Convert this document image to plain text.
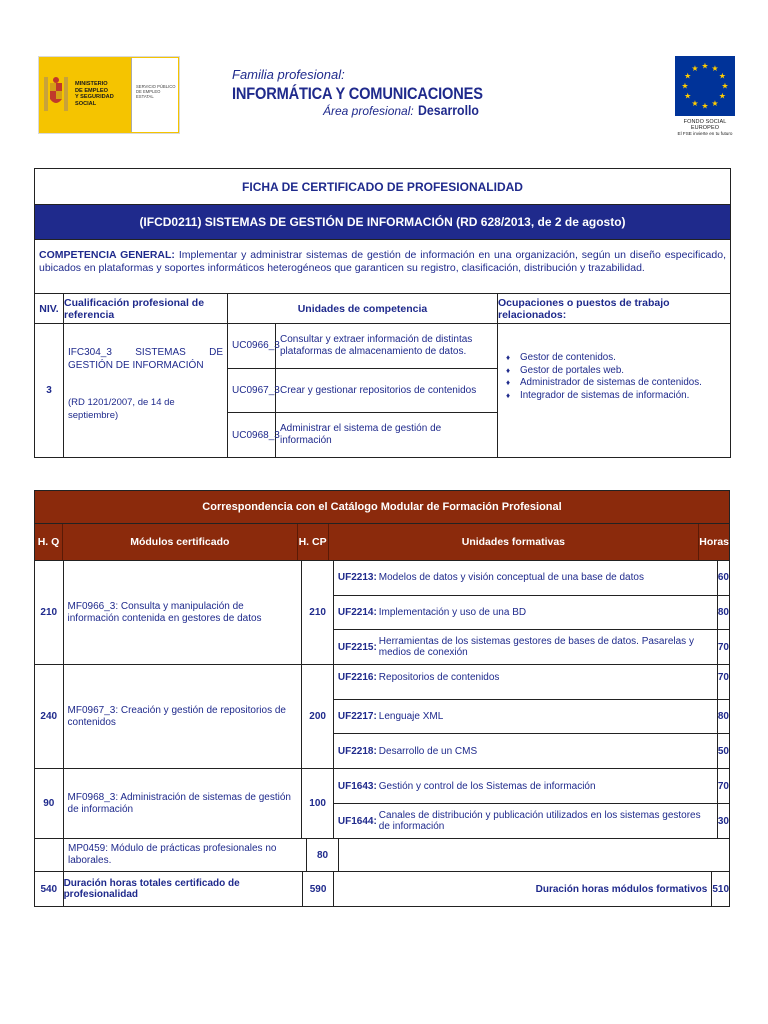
MINISTERIO
DE EMPLEO
Y SEGURIDAD SOCIAL
SERVICIO PÚBLICO
DE EMPLEO ESTATAL
Familia profesional: INFORMÁTICA Y COMUNICACIONES
Área profesional: Desarrollo
★ ★
★
★
★
★
★
★
★
★
★
★
FONDO SOCIAL EUROPEO
El FSE invierte en tu futuro
FICHA DE CERTIFICADO DE PROFESIONALIDAD
(IFCD0211) SISTEMAS DE GESTIÓN DE INFORMACIÓN (RD 628/2013, de 2 de agosto)
COMPETENCIA GENERAL: Implementar y administrar sistemas de gestión de información en una organización, según un diseño especificado, ubicados en plataformas y soportes informáticos heterogéneos que garanticen su registro, clasificación, distribución y trazabilidad.
NIV. Cualificación profesional de referencia	Unidades de competencia	Ocupaciones o puestos de trabajo relacionados:
3
IFC304_3 SISTEMAS DE GESTIÓN DE INFORMACIÓN
(RD 1201/2007, de 14 de septiembre)
UC0966_3
Consultar y extraer información de distintas plataformas de almacenamiento de datos.
UC0967_3 Crear y gestionar repositorios de contenidos
UC0968_3
Administrar el sistema de gestión de información
♦ Gestor de contenidos.
♦ Gestor de portales web.
♦ Administrador de sistemas de contenidos.
♦ Integrador de sistemas de información.
Correspondencia con el Catálogo Modular de Formación Profesional
H. Q	Módulos certificado	H. CP	Unidades formativas	Horas
210
MF0966_3: Consulta y manipulación de información contenida en gestores de datos	210
UF2213: Modelos de datos y visión conceptual de una base de datos	60
UF2214: Implementación y uso de una BD	80
UF2215: Herramientas de los sistemas gestores de bases de datos. Pasarelas y medios de conexión	70
240
MF0967_3: Creación y gestión de repositorios de contenidos	200
UF2216: Repositorios de contenidos	70
UF2217: Lenguaje XML	80
UF2218: Desarrollo de un CMS	50
90
MF0968_3: Administración de sistemas de gestión de información	100
UF1643: Gestión y control de los Sistemas de información	70
UF1644: Canales de distribución y publicación utilizados en los sistemas gestores de información	30
MP0459: Módulo de prácticas profesionales no laborales.	80
540 Duración horas totales certificado de profesionalidad	590	Duración horas módulos formativos 510
